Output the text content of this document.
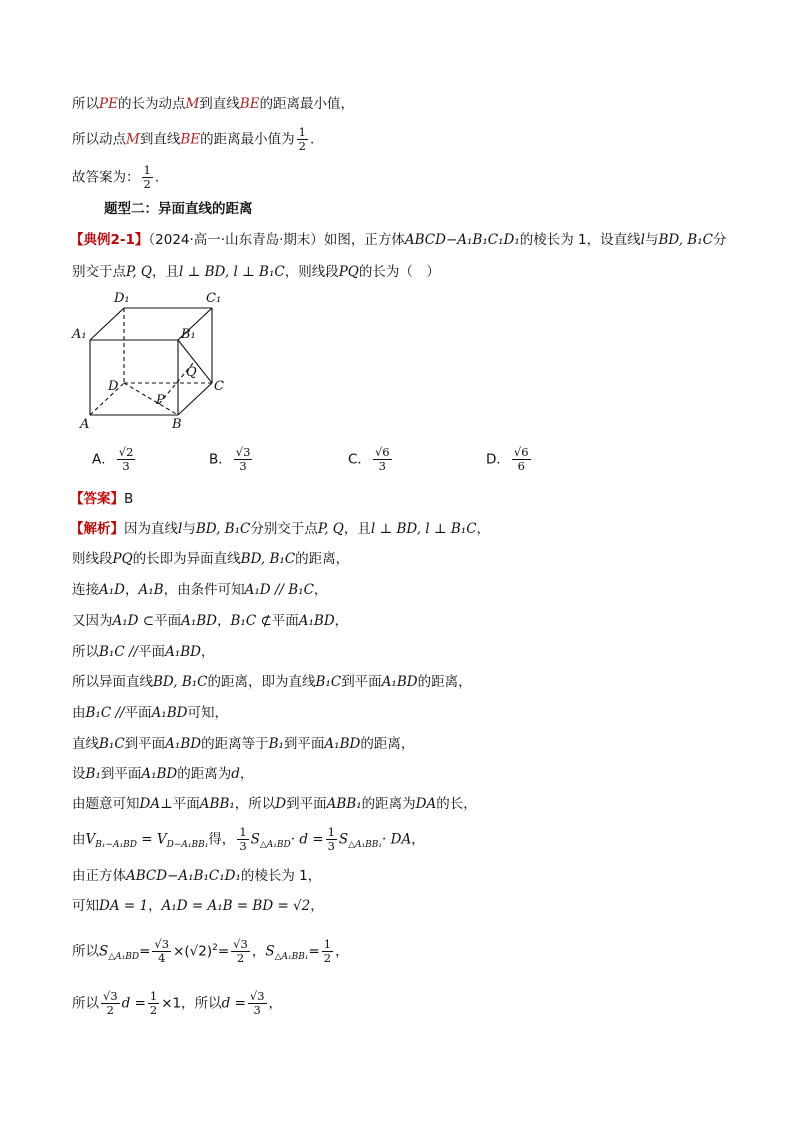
所以PE的长为动点M到直线BE的距离最小值，
所以动点M到直线BE的距离最小值为 $\frac{1}{2}$ .
故答案为： $\frac{1}{2}$ .
题型二：异面直线的距离
【典例2-1】（2024·高一·山东青岛·期末）如图，正方体ABCD−A₁B₁C₁D₁的棱长为 1，设直线l与BD, B₁C分
别交于点P, Q，且l ⊥ BD, l ⊥ B₁C，则线段PQ的长为（　）
D₁	C₁
A₁	B₁
Q
D	C
P
A	B
A． $\frac{√2}{3}$	B． $\frac{√3}{3}$	C． $\frac{√6}{3}$	D． $\frac{√6}{6}$
【答案】B
【解析】因为直线l与BD, B₁C分别交于点P, Q，且l ⊥ BD, l ⊥ B₁C，
则线段PQ的长即为异面直线BD, B₁C的距离，
连接A₁D，A₁B，由条件可知A₁D // B₁C，
又因为A₁D ⊂平面A₁BD，B₁C ⊄平面A₁BD，
所以B₁C //平面A₁BD，
所以异面直线BD, B₁C的距离，即为直线B₁C到平面A₁BD的距离，
由B₁C //平面A₁BD可知，
直线B₁C到平面A₁BD的距离等于B₁到平面A₁BD的距离，
设B₁到平面A₁BD的距离为d，
由题意可知DA⊥平面ABB₁，所以D到平面ABB₁的距离为DA的长，
由$V_{B_1-A_1BD} = V_{D-A_1BB_1}$得， $\frac{1}{3} S_{\triangle A_1BD}\cdot d = \frac{1}{3} S_{\triangle A_1BB_1}\cdot$ DA，
由正方体ABCD−A₁B₁C₁D₁的棱长为 1，
可知DA = 1，A₁D = A₁B = BD = √2，
所以$S_{\triangle A_1BD}= \frac{√3}{4} \times(√2)^2= \frac{√3}{2}$ ，$S_{\triangle A_1BB_1}= \frac{1}{2}$ ，
所以 $\frac{√3}{2}$ $d = \frac{1}{2} \times 1$，所以$d = \frac{√3}{3}$ ，
